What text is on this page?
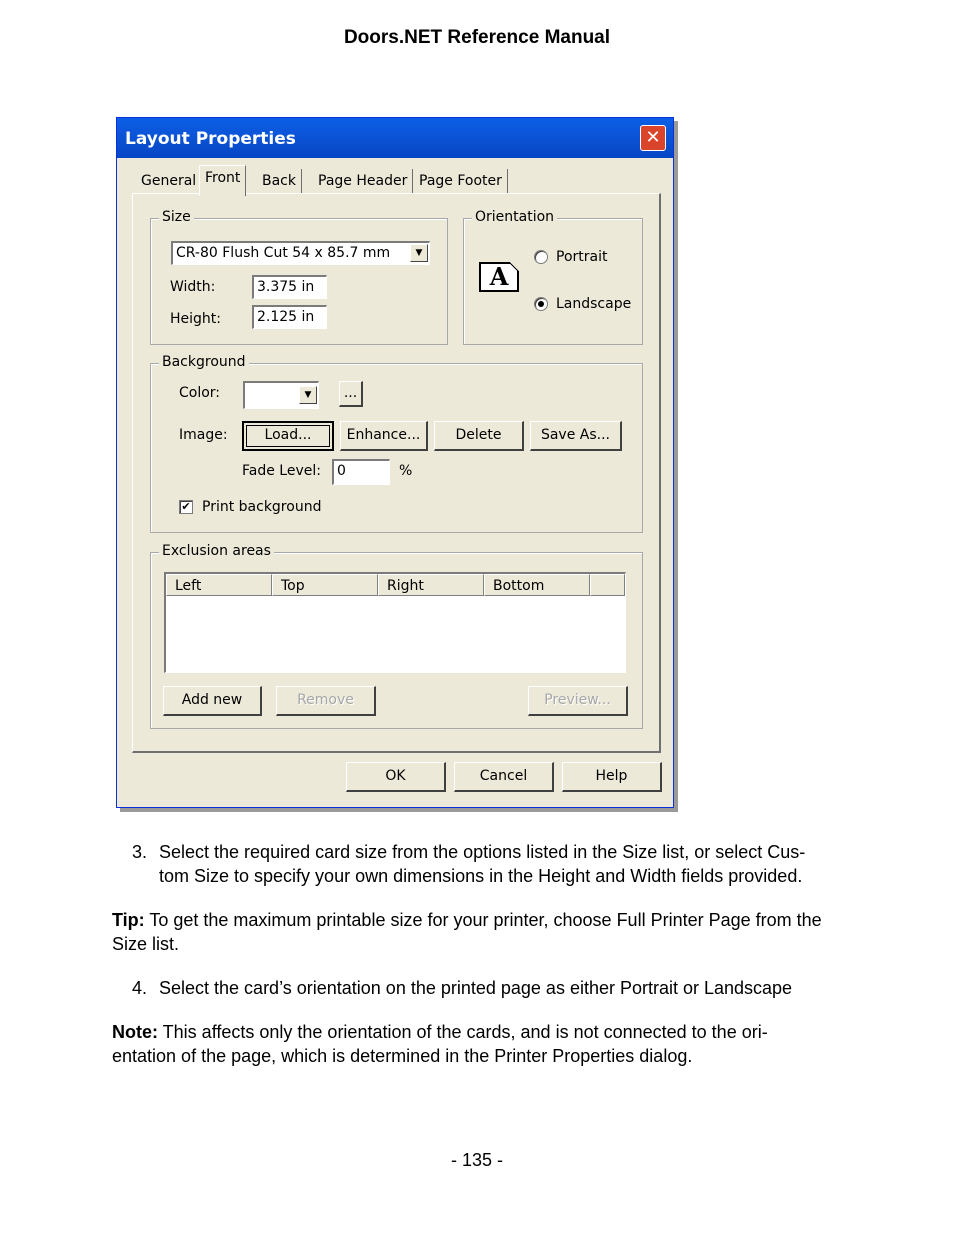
Doors.NET Reference Manual
Layout Properties	✕
General Front	Back	Page Header Page Footer
Size
CR-80 Flush Cut 54 x 85.7 mm	▼
Width:	3.375 in
Height:	2.125 in
Orientation
A
Portrait
Landscape
Background
Color:	▼	...
Image:	Load...	Enhance...	Delete	Save As...
Fade Level:	0	%
✔ Print background
Exclusion areas
Left	Top	Right	Bottom
Add new	Remove	Preview...
OK	Cancel	Help
3. Select the required card size from the options listed in the Size list, or select Cus- tom Size to specify your own dimensions in the Height and Width fields provided.
Tip: To get the maximum printable size for your printer, choose Full Printer Page from the Size list.
4. Select the card’s orientation on the printed page as either Portrait or Landscape
Note: This affects only the orientation of the cards, and is not connected to the ori- entation of the page, which is determined in the Printer Properties dialog.
- 135 -
